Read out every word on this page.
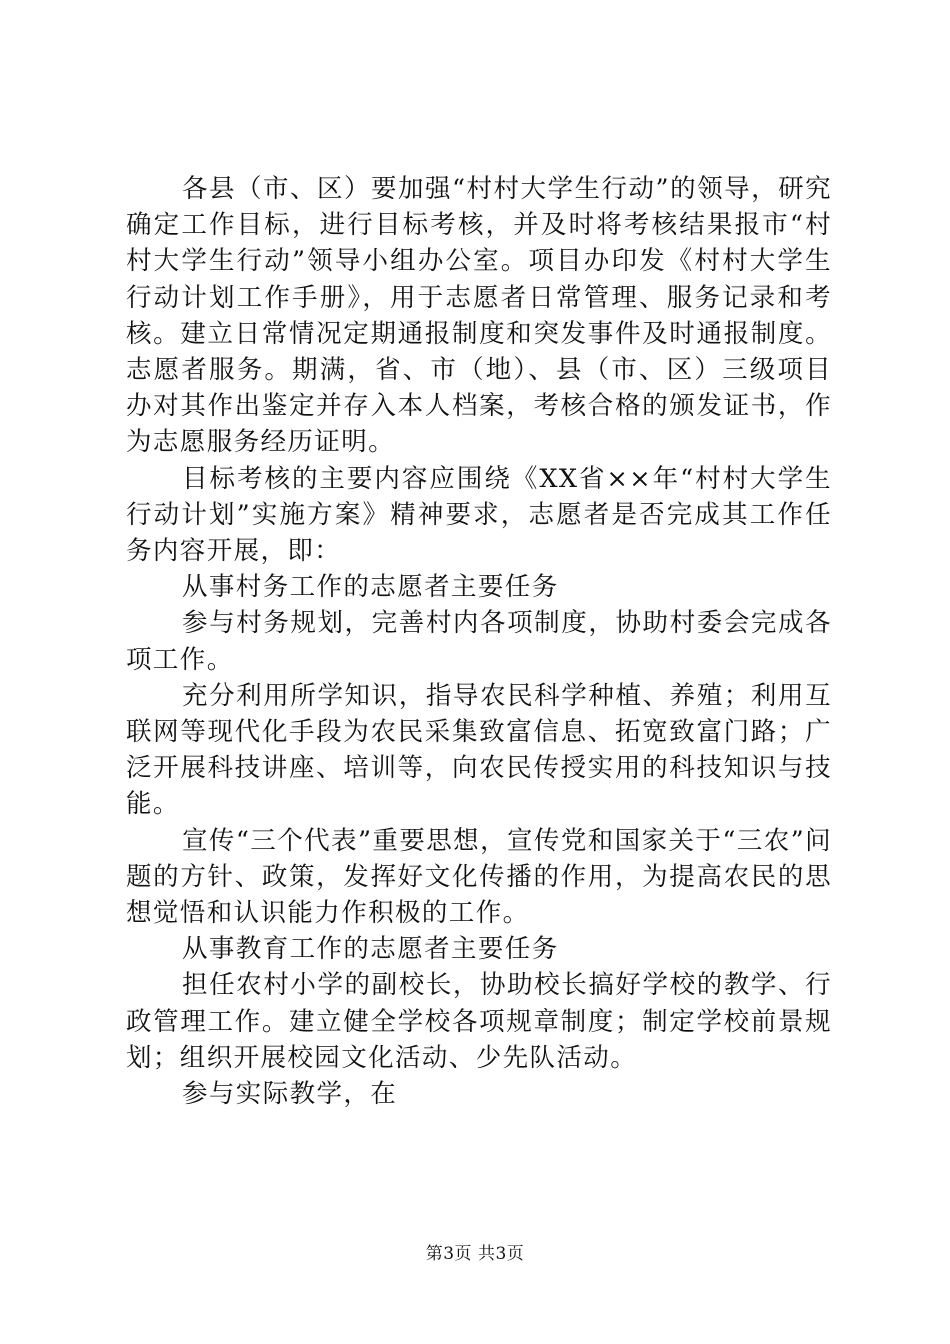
各县（市、区）要加强“村村大学生行动”的领导，研究确定工作目标，进行目标考核，并及时将考核结果报市“村村大学生行动”领导小组办公室。项目办印发《村村大学生行动计划工作手册》，用于志愿者日常管理、服务记录和考核。建立日常情况定期通报制度和突发事件及时通报制度。志愿者服务。期满，省、市（地）、县（市、区）三级项目办对其作出鉴定并存入本人档案，考核合格的颁发证书，作为志愿服务经历证明。

目标考核的主要内容应围绕《XX省××年“村村大学生行动计划”实施方案》精神要求，志愿者是否完成其工作任务内容开展，即：

从事村务工作的志愿者主要任务

参与村务规划，完善村内各项制度，协助村委会完成各项工作。

充分利用所学知识，指导农民科学种植、养殖；利用互联网等现代化手段为农民采集致富信息、拓宽致富门路；广泛开展科技讲座、培训等，向农民传授实用的科技知识与技能。

宣传“三个代表”重要思想，宣传党和国家关于“三农”问题的方针、政策，发挥好文化传播的作用，为提高农民的思想觉悟和认识能力作积极的工作。

从事教育工作的志愿者主要任务

担任农村小学的副校长，协助校长搞好学校的教学、行政管理工作。建立健全学校各项规章制度；制定学校前景规划；组织开展校园文化活动、少先队活动。

参与实际教学，在

第3页 共3页
